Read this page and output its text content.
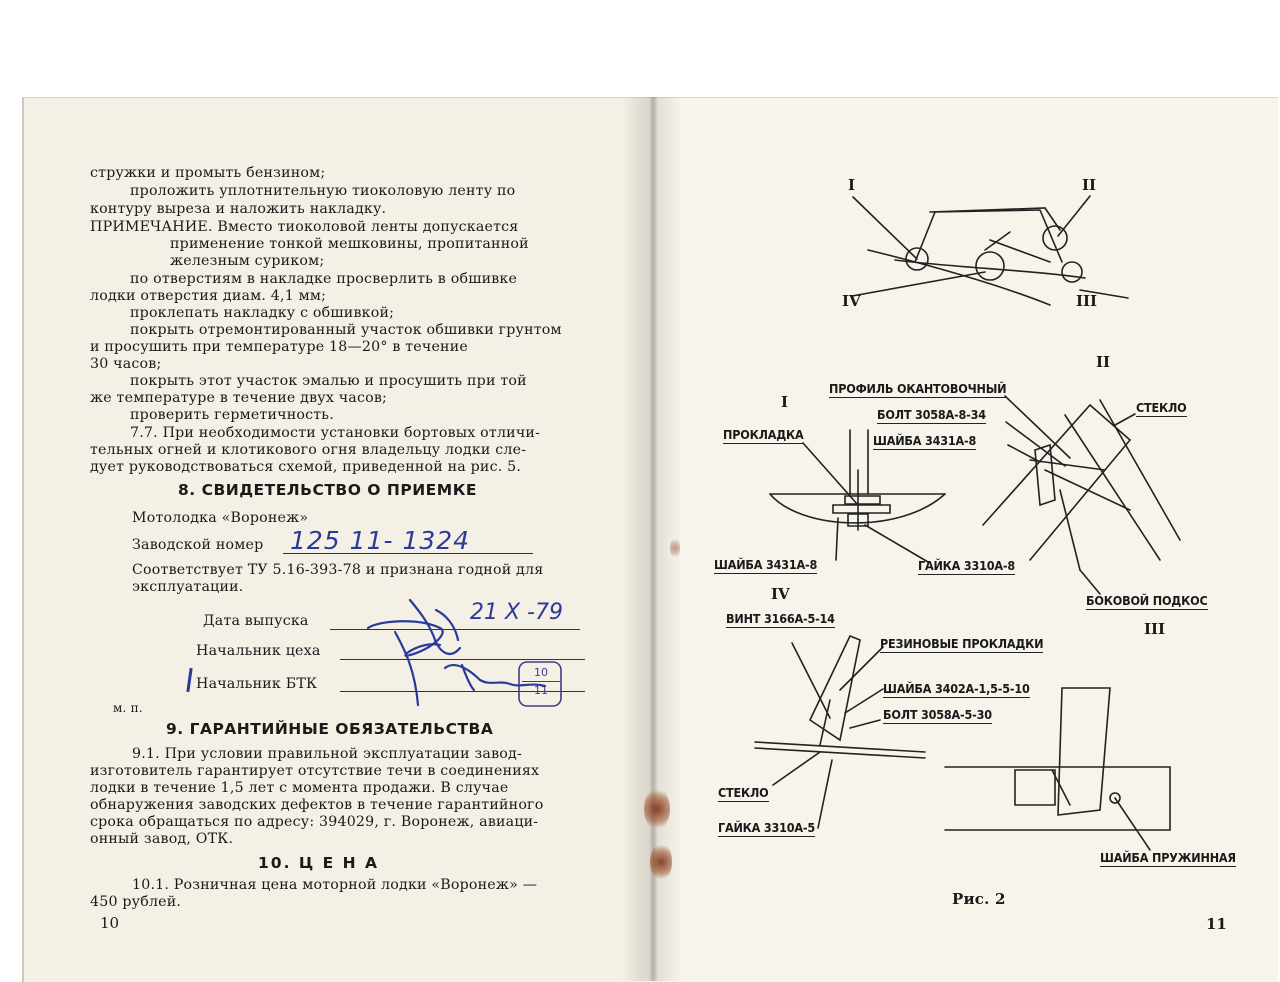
стружки и промыть бензином;
проложить уплотнительную тиоколовую ленту по
контуру выреза и наложить накладку.
ПРИМЕЧАНИЕ. Вместо тиоколовой ленты допускается
применение тонкой мешковины, пропитанной
железным суриком;
по отверстиям в накладке просверлить в обшивке
лодки отверстия диам. 4,1 мм;
проклепать накладку с обшивкой;
покрыть отремонтированный участок обшивки грунтом
и просушить при температуре 18—20° в течение
30 часов;
покрыть этот участок эмалью и просушить при той
же температуре в течение двух часов;
проверить герметичность.
7.7. При необходимости установки бортовых отличи-
тельных огней и клотикового огня владельцу лодки сле-
дует руководствоваться схемой, приведенной на рис. 5.
8. СВИДЕТЕЛЬСТВО О ПРИЕМКЕ
Мотолодка «Воронеж»
Заводской номер 125 11- 1324
Соответствует ТУ 5.16-393-78 и признана годной для
эксплуатации.
Дата выпуска	21 X -79
Начальник цеха
Начальник БТК
10
11
м. п.
9. ГАРАНТИЙНЫЕ ОБЯЗАТЕЛЬСТВА
9.1. При условии правильной эксплуатации завод-
изготовитель гарантирует отсутствие течи в соединениях
лодки в течение 1,5 лет с момента продажи. В случае
обнаружения заводских дефектов в течение гарантийного
срока обращаться по адресу: 394029, г. Воронеж, авиаци-
онный завод, ОТК.
10. Ц Е Н А
10.1. Розничная цена моторной лодки «Воронеж» —
450 рублей.
10
I	II
IV	III
I
II
IV
III
ПРОФИЛЬ ОКАНТОВОЧНЫЙ
БОЛТ 3058А-8-34
ШАЙБА 3431А-8
СТЕКЛО
ПРОКЛАДКА
ШАЙБА 3431А-8	ГАЙКА 3310А-8
БОКОВОЙ ПОДКОС
ВИНТ 3166А-5-14
РЕЗИНОВЫЕ ПРОКЛАДКИ
ШАЙБА 3402А-1,5-5-10
БОЛТ 3058А-5-30
СТЕКЛО
ГАЙКА 3310А-5
ШАЙБА ПРУЖИННАЯ
Рис. 2
11
